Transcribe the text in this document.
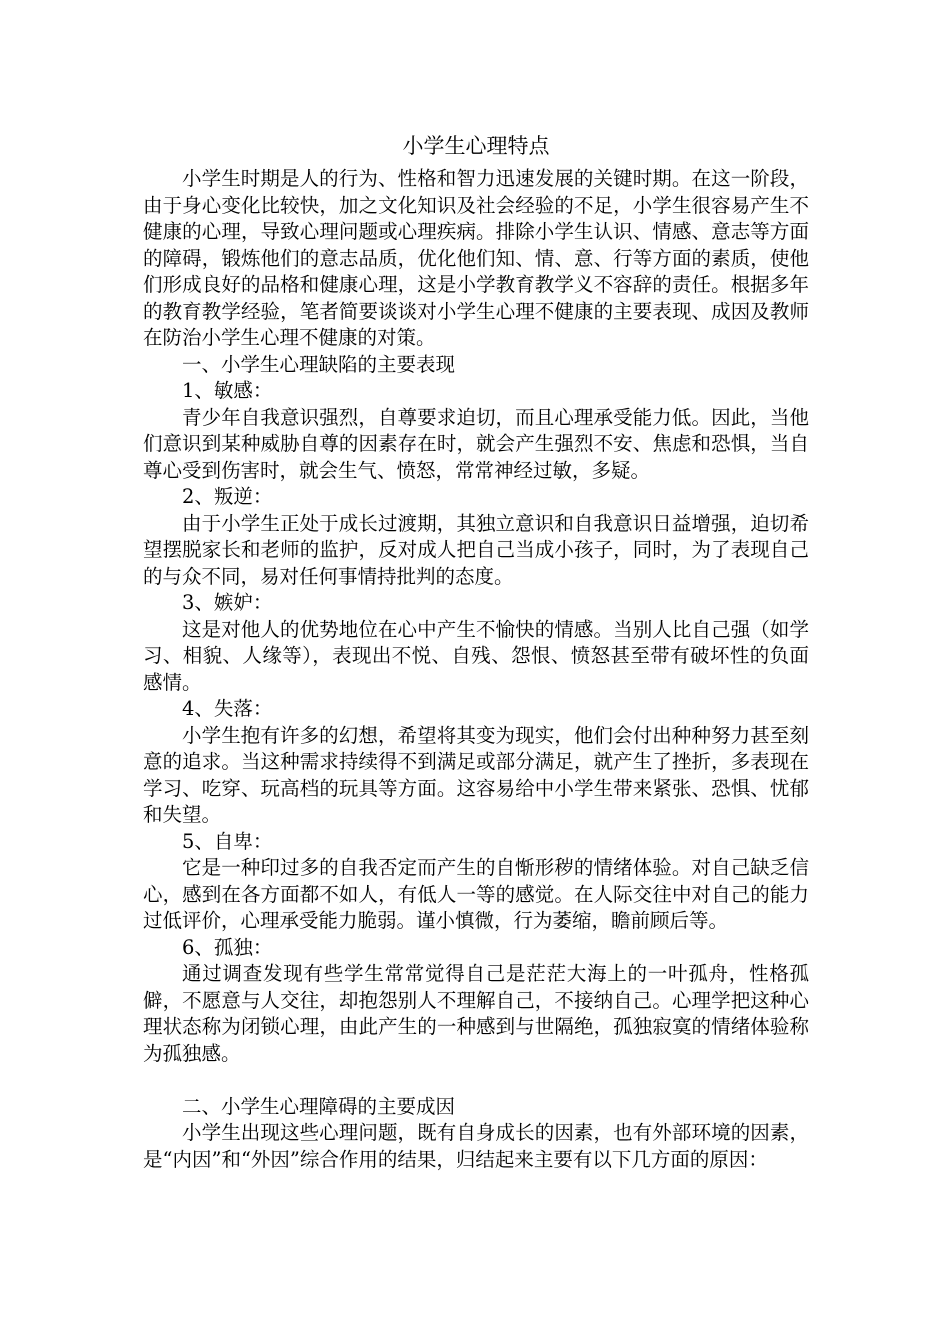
小学生心理特点

小学生时期是人的行为、性格和智力迅速发展的关键时期。在这一阶段，由于身心变化比较快，加之文化知识及社会经验的不足，小学生很容易产生不健康的心理，导致心理问题或心理疾病。排除小学生认识、情感、意志等方面的障碍，锻炼他们的意志品质，优化他们知、情、意、行等方面的素质，使他们形成良好的品格和健康心理，这是小学教育教学义不容辞的责任。根据多年的教育教学经验，笔者简要谈谈对小学生心理不健康的主要表现、成因及教师在防治小学生心理不健康的对策。

一、小学生心理缺陷的主要表现

1、敏感：

青少年自我意识强烈，自尊要求迫切，而且心理承受能力低。因此，当他们意识到某种威胁自尊的因素存在时，就会产生强烈不安、焦虑和恐惧，当自尊心受到伤害时，就会生气、愤怒，常常神经过敏，多疑。

2、叛逆：

由于小学生正处于成长过渡期，其独立意识和自我意识日益增强，迫切希望摆脱家长和老师的监护，反对成人把自己当成小孩子，同时，为了表现自己的与众不同，易对任何事情持批判的态度。

3、嫉妒：

这是对他人的优势地位在心中产生不愉快的情感。当别人比自己强（如学习、相貌、人缘等），表现出不悦、自残、怨恨、愤怒甚至带有破坏性的负面感情。

4、失落：

小学生抱有许多的幻想，希望将其变为现实，他们会付出种种努力甚至刻意的追求。当这种需求持续得不到满足或部分满足，就产生了挫折，多表现在学习、吃穿、玩高档的玩具等方面。这容易给中小学生带来紧张、恐惧、忧郁和失望。

5、自卑：

它是一种印过多的自我否定而产生的自惭形秽的情绪体验。对自己缺乏信心，感到在各方面都不如人，有低人一等的感觉。在人际交往中对自己的能力过低评价，心理承受能力脆弱。谨小慎微，行为萎缩，瞻前顾后等。

6、孤独：

通过调查发现有些学生常常觉得自己是茫茫大海上的一叶孤舟，性格孤僻，不愿意与人交往，却抱怨别人不理解自己，不接纳自己。心理学把这种心理状态称为闭锁心理，由此产生的一种感到与世隔绝，孤独寂寞的情绪体验称为孤独感。

二、小学生心理障碍的主要成因

小学生出现这些心理问题，既有自身成长的因素，也有外部环境的因素，是“内因”和“外因”综合作用的结果，归结起来主要有以下几方面的原因：
